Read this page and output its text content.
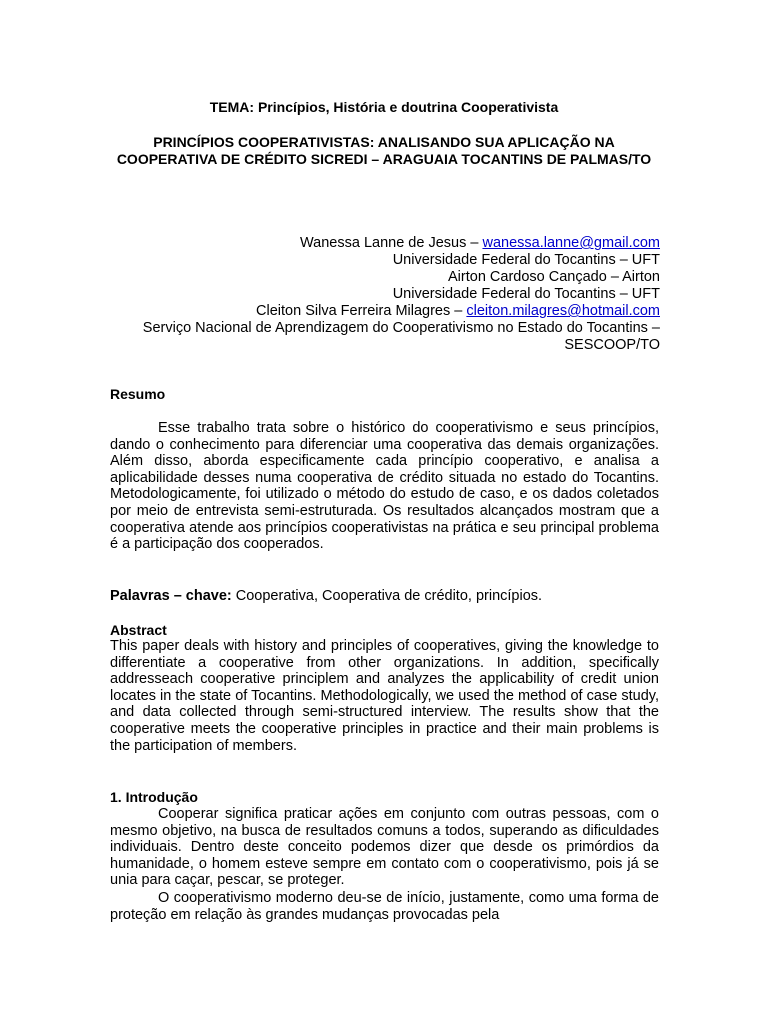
TEMA: Princípios, História e doutrina Cooperativista
PRINCÍPIOS COOPERATIVISTAS: ANALISANDO SUA APLICAÇÃO NA COOPERATIVA DE CRÉDITO SICREDI – ARAGUAIA TOCANTINS DE PALMAS/TO
Wanessa Lanne de Jesus – wanessa.lanne@gmail.com
Universidade Federal do Tocantins – UFT
Airton Cardoso Cançado – Airton
Universidade Federal do Tocantins – UFT
Cleiton Silva Ferreira Milagres – cleiton.milagres@hotmail.com
Serviço Nacional de Aprendizagem do Cooperativismo no Estado do Tocantins – SESCOOP/TO
Resumo
Esse trabalho trata sobre o histórico do cooperativismo e seus princípios, dando o conhecimento para diferenciar uma cooperativa das demais organizações. Além disso, aborda especificamente cada princípio cooperativo, e analisa a aplicabilidade desses numa cooperativa de crédito situada no estado do Tocantins. Metodologicamente, foi utilizado o método do estudo de caso, e os dados coletados por meio de entrevista semi-estruturada. Os resultados alcançados mostram que a cooperativa atende aos princípios cooperativistas na prática e seu principal problema é a participação dos cooperados.
Palavras – chave: Cooperativa, Cooperativa de crédito, princípios.
Abstract
This paper deals with history and principles of cooperatives, giving the knowledge to differentiate a cooperative from other organizations. In addition, specifically addresseach cooperative principlem and analyzes the applicability of credit union locates in the state of Tocantins. Methodologically, we used the method of case study, and data collected through semi-structured interview. The results show that the cooperative meets the cooperative principles in practice and their main problems is the participation of members.
1. Introdução
Cooperar significa praticar ações em conjunto com outras pessoas, com o mesmo objetivo, na busca de resultados comuns a todos, superando as dificuldades individuais. Dentro deste conceito podemos dizer que desde os primórdios da humanidade, o homem esteve sempre em contato com o cooperativismo, pois já se unia para caçar, pescar, se proteger.
O cooperativismo moderno deu-se de início, justamente, como uma forma de proteção em relação às grandes mudanças provocadas pela
